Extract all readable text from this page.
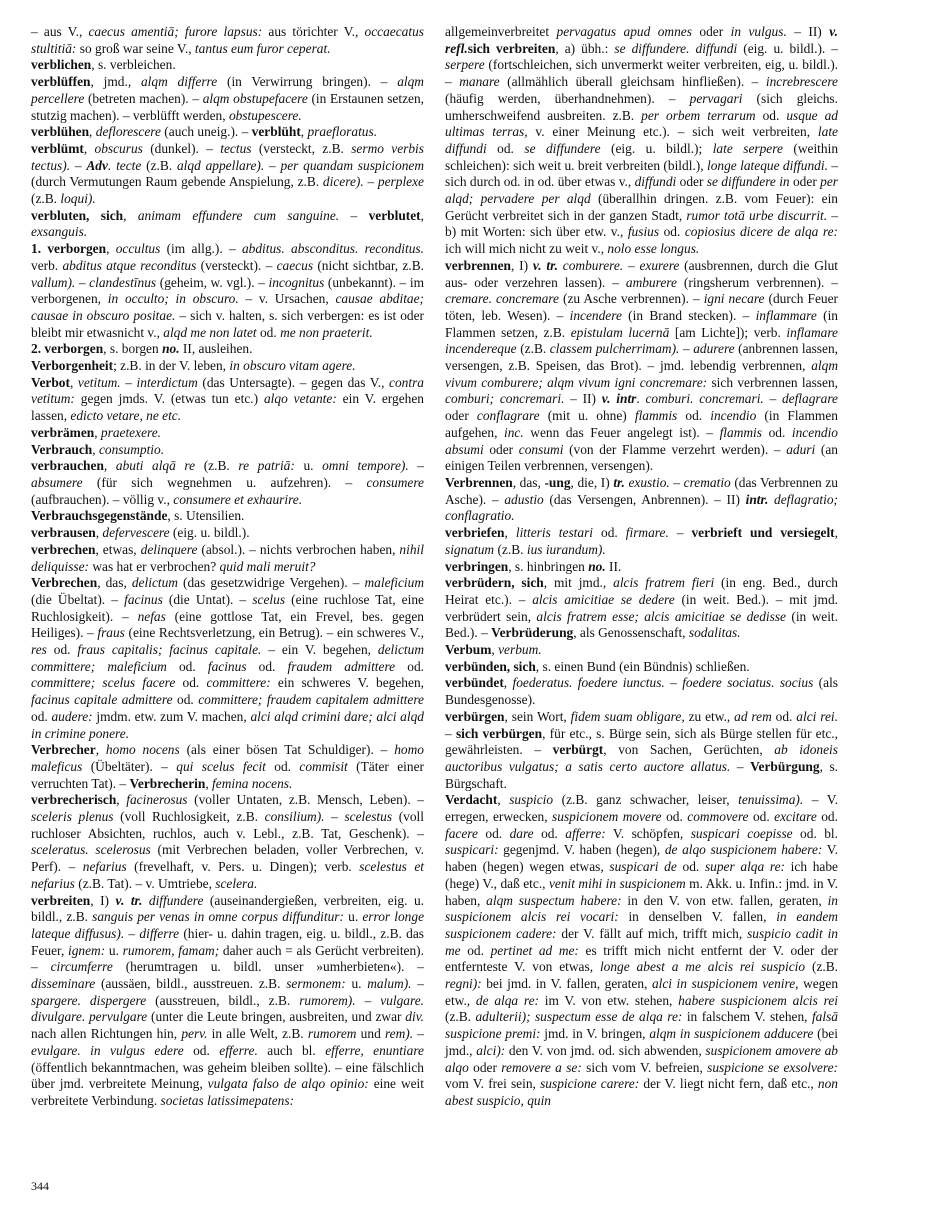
– aus V., caecus amentiā; furore lapsus: aus törichter V., occaecatus stultitiā: so groß war seine V., tantus eum furor ceperat.

verblichen, s. verbleichen.

verblüffen, jmd., alqm differre (in Verwirrung bringen). – alqm percellere (betreten machen). – alqm obstupefacere (in Erstaunen setzen, stutzig machen). – verblüfft werden, obstupescere.

verblühen, deflorescere (auch uneig.). – verblüht, praefloratus.

verblümt, obscurus (dunkel). – tectus (versteckt, z.B. sermo verbis tectus). – Adv. tecte (z.B. alqd appellare). – per quandam suspicionem (durch Vermutungen Raum gebende Anspielung, z.B. dicere). – perplexe (z.B. loqui).

verbluten, sich, animam effundere cum sanguine. – verblutet, exsanguis.

1. verborgen, occultus (im allg.). – abditus. absconditus. reconditus. verb. abditus atque reconditus (versteckt). – caecus (nicht sichtbar, z.B. vallum). – clandestīnus (geheim, w. vgl.). – incognitus (unbekannt). – im verborgenen, in occulto; in obscuro. – v. Ursachen, causae abditae; causae in obscuro positae. – sich v. halten, s. sich verbergen: es ist oder bleibt mir etwasnicht v., alqd me non latet od. me non praeterit.

2. verborgen, s. borgen no. II, ausleihen.

Verborgenheit; z.B. in der V. leben, in obscuro vitam agere.

Verbot, vetitum. – interdictum (das Untersagte). – gegen das V., contra vetitum: gegen jmds. V. (etwas tun etc.) alqo vetante: ein V. ergehen lassen, edicto vetare, ne etc.

verbrämen, praetexere.

Verbrauch, consumptio.

verbrauchen, abuti alqā re (z.B. re patriā: u. omni tempore). – absumere (für sich wegnehmen u. aufzehren). – consumere (aufbrauchen). – völlig v., consumere et exhaurire.

Verbrauchsgegenstände, s. Utensilien.

verbrausen, defervescere (eig. u. bildl.).

verbrechen, etwas, delinquere (absol.). – nichts verbrochen haben, nihil deliquisse: was hat er verbrochen? quid mali meruit?

Verbrechen, das, delictum (das gesetzwidrige Vergehen). – maleficium (die Übeltat). – facinus (die Untat). – scelus (eine ruchlose Tat, eine Ruchlosigkeit). – nefas (eine gottlose Tat, ein Frevel, bes. gegen Heiliges). – fraus (eine Rechtsverletzung, ein Betrug). – ein schweres V., res od. fraus capitalis; facinus capitale. – ein V. begehen, delictum committere; maleficium od. facinus od. fraudem admittere od. committere; scelus facere od. committere: ein schweres V. begehen, facinus capitale admittere od. committere; fraudem capitalem admittere od. audere: jmdm. etw. zum V. machen, alci alqd crimini dare; alci alqd in crimine ponere.

Verbrecher, homo nocens (als einer bösen Tat Schuldiger). – homo maleficus (Übeltäter). – qui scelus fecit od. commisit (Täter einer verruchten Tat). – Verbrecherin, femina nocens.

verbrecherisch, facinerosus (voller Untaten, z.B. Mensch, Leben). – sceleris plenus (voll Ruchlosigkeit, z.B. consilium). – scelestus (voll ruchloser Absichten, ruchlos, auch v. Lebl., z.B. Tat, Geschenk). – sceleratus. scelerosus (mit Verbrechen beladen, voller Verbrechen, v. Perf). – nefarius (frevelhaft, v. Pers. u. Dingen); verb. scelestus et nefarius (z.B. Tat). – v. Umtriebe, scelera.

verbreiten, I) v. tr. diffundere (auseinandergießen, verbreiten, eig. u. bildl., z.B. sanguis per venas in omne corpus diffunditur: u. error longe lateque diffusus). – differre (hier- u. dahin tragen, eig. u. bildl., z.B. das Feuer, ignem: u. rumorem, famam; daher auch = als Gerücht verbreiten). – circumferre (herumtragen u. bildl. unser »umherbieten«). – disseminare (aussäen, bildl., ausstreuen. z.B. sermonem: u. malum). – spargere. dispergere (ausstreuen, bildl., z.B. rumorem). – vulgare. divulgare. pervulgare (unter die Leute bringen, ausbreiten, und zwar div. nach allen Richtungen hin, perv. in alle Welt, z.B. rumorem und rem). – evulgare. in vulgus edere od. efferre. auch bl. efferre, enuntiare (öffentlich bekanntmachen, was geheim bleiben sollte). – eine fälschlich über jmd. verbreitete Meinung, vulgata falso de alqo opinio: eine weit verbreitete Verbindung. societas latissimepatens:

allgemeinverbreitet pervagatus apud omnes oder in vulgus. – II) v. refl.sich verbreiten, a) übh.: se diffundere. diffundi (eig. u. bildl.). – serpere (fortschleichen, sich unvermerkt weiter verbreiten, eig, u. bildl.). – manare (allmählich überall gleichsam hinfließen). – increbrescere (häufig werden, überhandnehmen). – pervagari (sich gleichs. umherschweifend ausbreiten. z.B. per orbem terrarum od. usque ad ultimas terras, v. einer Meinung etc.). – sich weit verbreiten, late diffundi od. se diffundere (eig. u. bildl.); late serpere (weithin schleichen): sich weit u. breit verbreiten (bildl.), longe lateque diffundi. – sich durch od. in od. über etwas v., diffundi oder se diffundere in oder per alqd; pervadere per alqd (überallhin dringen. z.B. vom Feuer): ein Gerücht verbreitet sich in der ganzen Stadt, rumor totā urbe discurrit. – b) mit Worten: sich über etw. v., fusius od. copiosius dicere de alqa re: ich will mich nicht zu weit v., nolo esse longus.

verbrennen, I) v. tr. comburere. – exurere (ausbrennen, durch die Glut aus- oder verzehren lassen). – amburere (ringsherum verbrennen). – cremare. concremare (zu Asche verbrennen). – igni necare (durch Feuer töten, leb. Wesen). – incendere (in Brand stecken). – inflammare (in Flammen setzen, z.B. epistulam lucernā [am Lichte]); verb. inflamare incendereque (z.B. classem pulcherrimam). – adurere (anbrennen lassen, versengen, z.B. Speisen, das Brot). – jmd. lebendig verbrennen, alqm vivum comburere; alqm vivum igni concremare: sich verbrennen lassen, comburi; concremari. – II) v. intr. comburi. concremari. – deflagrare oder conflagrare (mit u. ohne) flammis od. incendio (in Flammen aufgehen, inc. wenn das Feuer angelegt ist). – flammis od. incendio absumi oder consumi (von der Flamme verzehrt werden). – aduri (an einigen Teilen verbrennen, versengen).

Verbrennen, das, -ung, die, I) tr. exustio. – crematio (das Verbrennen zu Asche). – adustio (das Versengen, Anbrennen). – II) intr. deflagratio; conflagratio.

verbriefen, litteris testari od. firmare. – verbrieft und versiegelt, signatum (z.B. ius iurandum).

verbringen, s. hinbringen no. II.

verbrüdern, sich, mit jmd., alcis fratrem fieri (in eng. Bed., durch Heirat etc.). – alcis amicitiae se dedere (in weit. Bed.). – mit jmd. verbrüdert sein, alcis fratrem esse; alcis amicitiae se dedisse (in weit. Bed.). – Verbrüderung, als Genossenschaft, sodalitas.

Verbum, verbum.

verbünden, sich, s. einen Bund (ein Bündnis) schließen.

verbündet, foederatus. foedere iunctus. – foedere sociatus. socius (als Bundesgenosse).

verbürgen, sein Wort, fidem suam obligare, zu etw., ad rem od. alci rei. – sich verbürgen, für etc., s. Bürge sein, sich als Bürge stellen für etc., gewährleisten. – verbürgt, von Sachen, Gerüchten, ab idoneis auctoribus vulgatus; a satis certo auctore allatus. – Verbürgung, s. Bürgschaft.

Verdacht, suspicio (z.B. ganz schwacher, leiser, tenuissima). – V. erregen, erwecken, suspicionem movere od. commovere od. excitare od. facere od. dare od. afferre: V. schöpfen, suspicari coepisse od. bl. suspicari: gegenjmd. V. haben (hegen), de alqo suspicionem habere: V. haben (hegen) wegen etwas, suspicari de od. super alqa re: ich habe (hege) V., daß etc., venit mihi in suspicionem m. Akk. u. Infin.: jmd. in V. haben, alqm suspectum habere: in den V. von etw. fallen, geraten, in suspicionem alcis rei vocari: in denselben V. fallen, in eandem suspicionem cadere: der V. fällt auf mich, trifft mich, suspicio cadit in me od. pertinet ad me: es trifft mich nicht entfernt der V. oder der entfernteste V. von etwas, longe abest a me alcis rei suspicio (z.B. regni): bei jmd. in V. fallen, geraten, alci in suspicionem venire, wegen etw., de alqa re: im V. von etw. stehen, habere suspicionem alcis rei (z.B. adulterii); suspectum esse de alqa re: in falschem V. stehen, falsā suspicione premi: jmd. in V. bringen, alqm in suspicionem adducere (bei jmd., alci): den V. von jmd. od. sich abwenden, suspicionem amovere ab alqo oder removere a se: sich vom V. befreien, suspicione se exsolvere: vom V. frei sein, suspicione carere: der V. liegt nicht fern, daß etc., non abest suspicio, quin

344
